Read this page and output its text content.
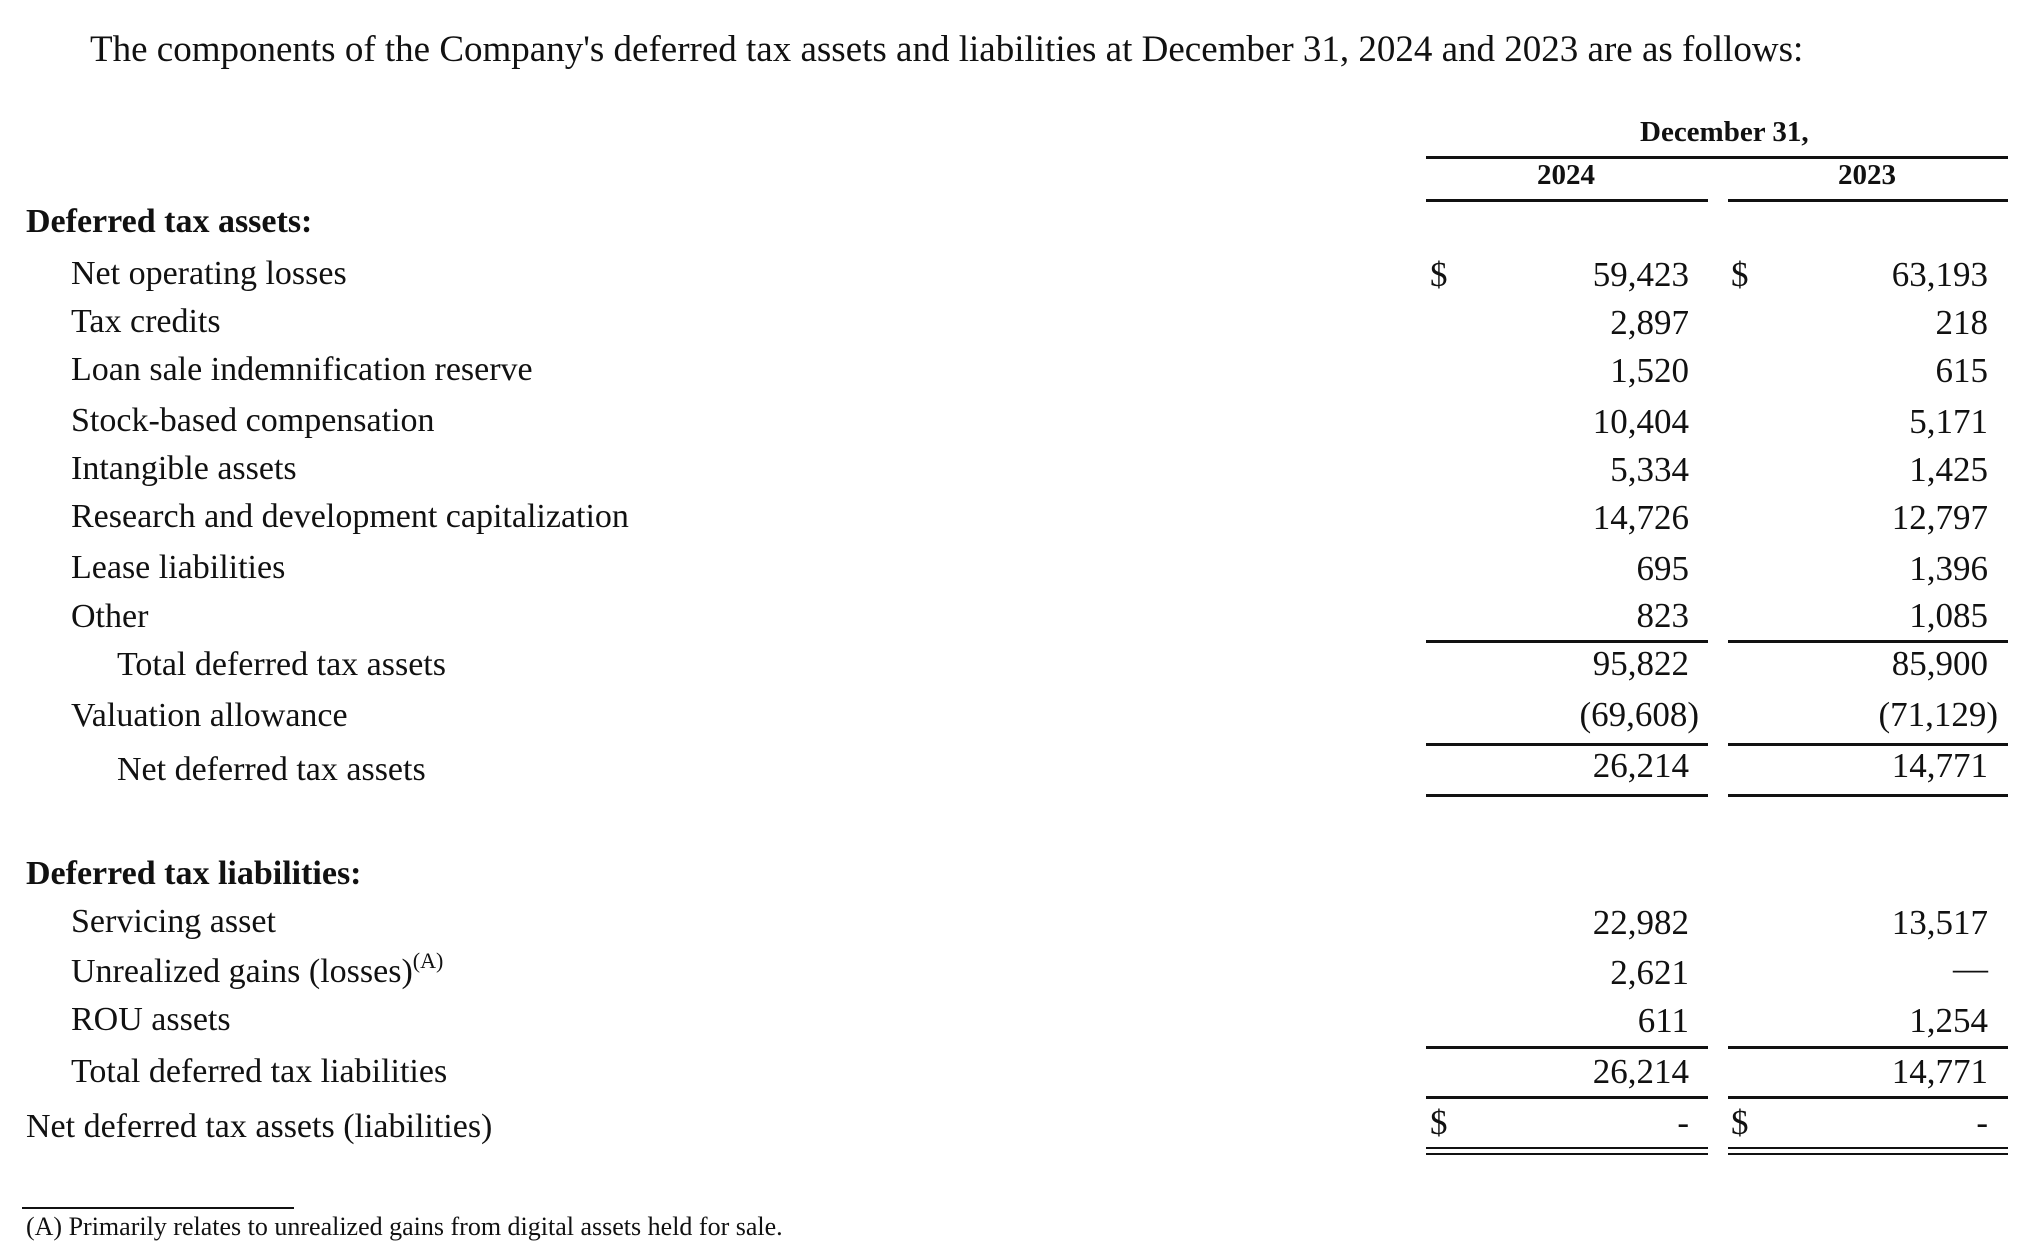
The components of the Company's deferred tax assets and liabilities at December 31, 2024 and 2023 are as follows:
December 31,
2024	2023
Deferred tax assets:
Net operating losses	$	59,423 $	63,193
Tax credits	2,897	218
Loan sale indemnification reserve	1,520	615
Stock-based compensation	10,404	5,171
Intangible assets	5,334	1,425
Research and development capitalization	14,726	12,797
Lease liabilities	695	1,396
Other	823	1,085
Total deferred tax assets	95,822	85,900
Valuation allowance	(69,608)	(71,129)
Net deferred tax assets	26,214	14,771
Deferred tax liabilities:
Servicing asset	22,982	13,517
Unrealized gains (losses)$^{(A)}$	2,621	—
ROU assets	611	1,254
Total deferred tax liabilities	26,214	14,771
Net deferred tax assets (liabilities)	$	- $	-
(A) Primarily relates to unrealized gains from digital assets held for sale.
